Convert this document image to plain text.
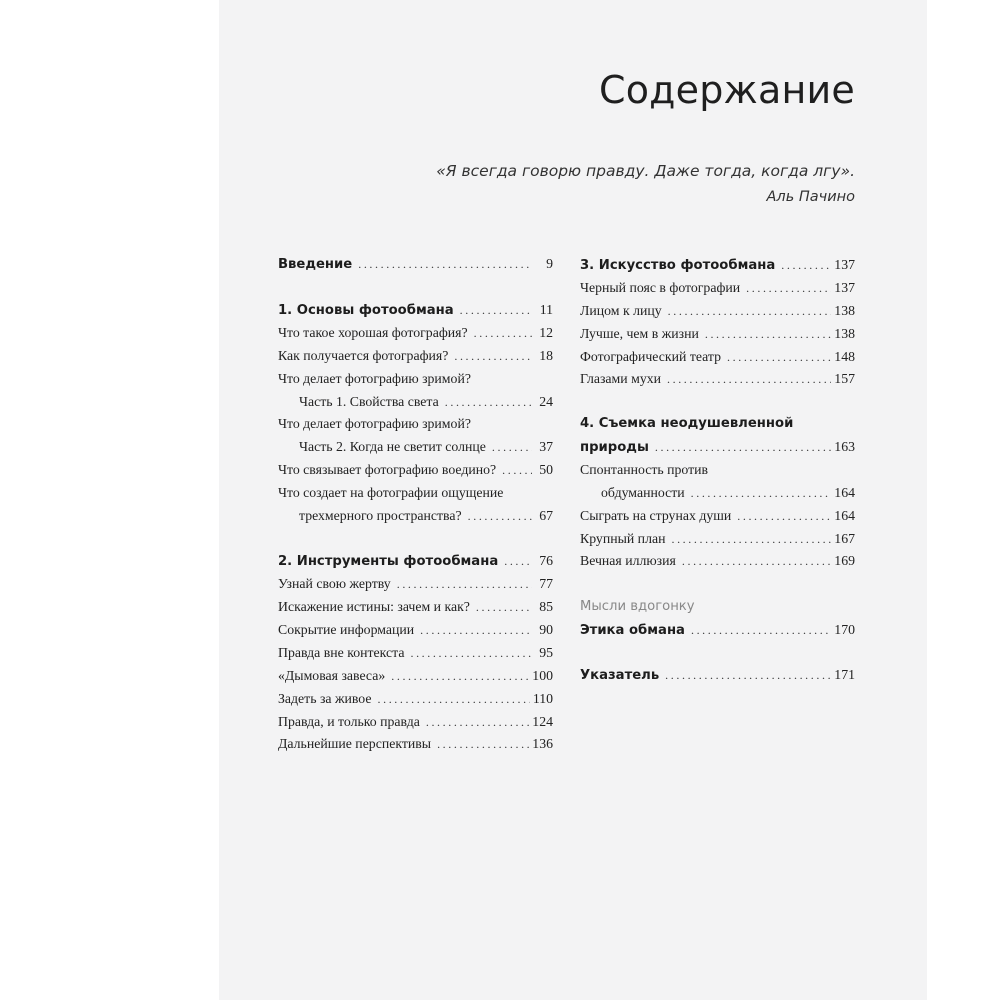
Содержание
«Я всегда говорю правду. Даже тогда, когда лгу».
Аль Пачино
Введение . . .	9
1. Основы фотообмана . . .	11
Что такое хорошая фотография? . . .	12
Как получается фотография? . . .	18
Что делает фотографию зримой?
Часть 1. Свойства света . . .	24
Что делает фотографию зримой?
Часть 2. Когда не светит солнце . . .	37
Что связывает фотографию воедино? . . .	50
Что создает на фотографии ощущение
трехмерного пространства? . . .	67
2. Инструменты фотообмана . . .	76
Узнай свою жертву . . .	77
Искажение истины: зачем и как? . . .	85
Сокрытие информации . . .	90
Правда вне контекста . . .	95
«Дымовая завеса» . . .	100
Задеть за живое . . .	110
Правда, и только правда . . .	124
Дальнейшие перспективы . . .	136
3. Искусство фотообмана . . .	137
Черный пояс в фотографии . . .	137
Лицом к лицу . . .	138
Лучше, чем в жизни . . .	138
Фотографический театр . . .	148
Глазами мухи . . .	157
4. Съемка неодушевленной
природы . . .	163
Спонтанность против
обдуманности . . .	164
Сыграть на струнах души . . .	164
Крупный план . . .	167
Вечная иллюзия . . .	169
Мысли вдогонку
Этика обмана . . .	170
Указатель . . .	171
